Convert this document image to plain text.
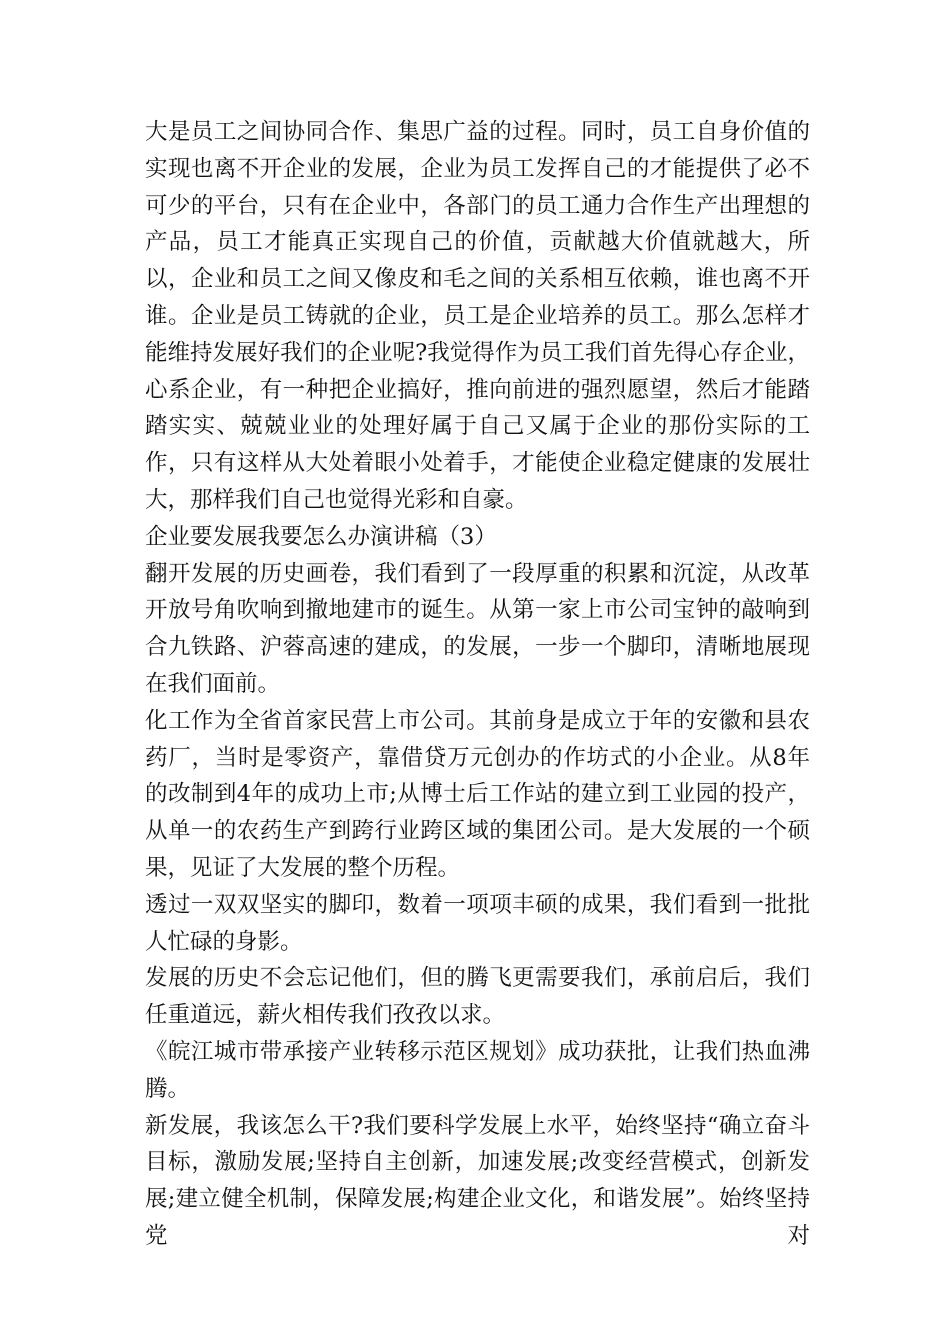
大是员工之间协同合作、集思广益的过程。同时，员工自身价值的实现也离不开企业的发展，企业为员工发挥自己的才能提供了必不可少的平台，只有在企业中，各部门的员工通力合作生产出理想的产品，员工才能真正实现自己的价值，贡献越大价值就越大，所以，企业和员工之间又像皮和毛之间的关系相互依赖，谁也离不开谁。企业是员工铸就的企业，员工是企业培养的员工。那么怎样才能维持发展好我们的企业呢?我觉得作为员工我们首先得心存企业，心系企业，有一种把企业搞好，推向前进的强烈愿望，然后才能踏踏实实、兢兢业业的处理好属于自己又属于企业的那份实际的工作，只有这样从大处着眼小处着手，才能使企业稳定健康的发展壮大，那样我们自己也觉得光彩和自豪。

企业要发展我要怎么办演讲稿（3）

翻开发展的历史画卷，我们看到了一段厚重的积累和沉淀，从改革开放号角吹响到撤地建市的诞生。从第一家上市公司宝钟的敲响到合九铁路、沪蓉高速的建成，的发展，一步一个脚印，清晰地展现在我们面前。

化工作为全省首家民营上市公司。其前身是成立于年的安徽和县农药厂，当时是零资产，靠借贷万元创办的作坊式的小企业。从8年的改制到4年的成功上市;从博士后工作站的建立到工业园的投产，从单一的农药生产到跨行业跨区域的集团公司。是大发展的一个硕果，见证了大发展的整个历程。

透过一双双坚实的脚印，数着一项项丰硕的成果，我们看到一批批人忙碌的身影。

发展的历史不会忘记他们，但的腾飞更需要我们，承前启后，我们任重道远，薪火相传我们孜孜以求。

《皖江城市带承接产业转移示范区规划》成功获批，让我们热血沸腾。

新发展，我该怎么干?我们要科学发展上水平，始终坚持“确立奋斗目标，激励发展;坚持自主创新，加速发展;改变经营模式，创新发展;建立健全机制，保障发展;构建企业文化，和谐发展”。始终坚持党对
